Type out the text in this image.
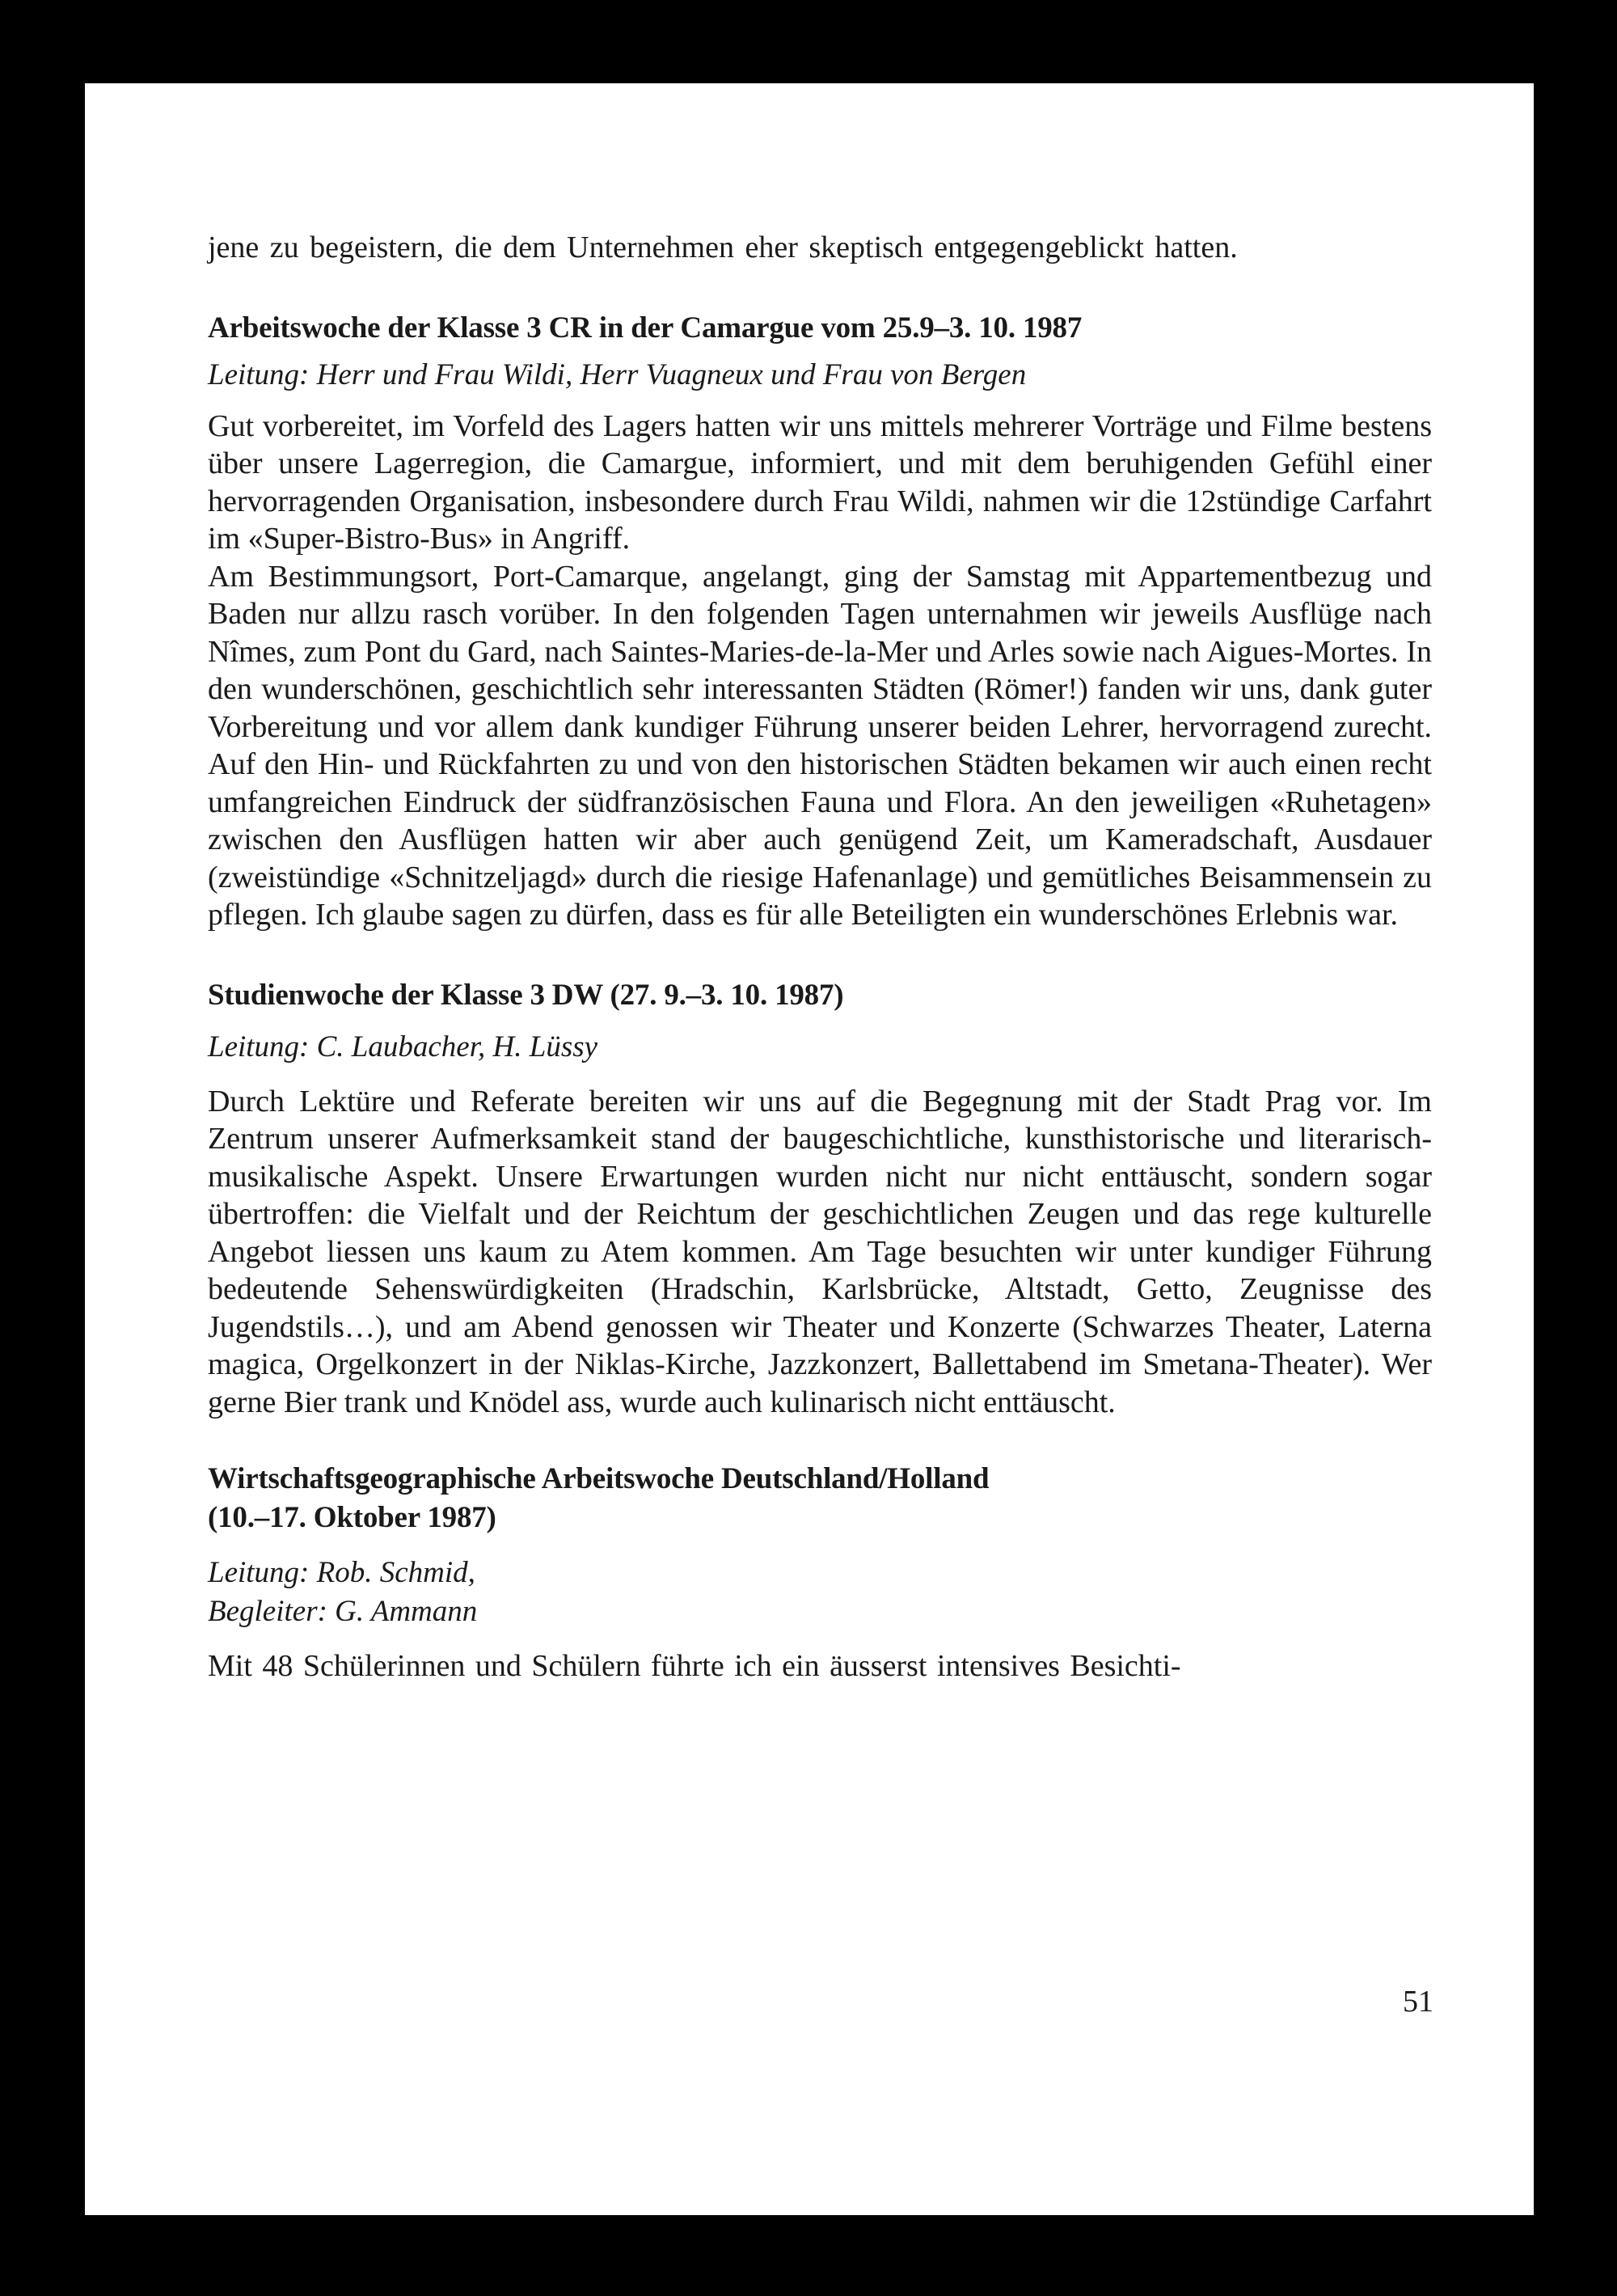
jene zu begeistern, die dem Unternehmen eher skeptisch entgegengeblickt hatten.

Arbeitswoche der Klasse 3 CR in der Camargue vom 25.9–3. 10. 1987

Leitung: Herr und Frau Wildi, Herr Vuagneux und Frau von Bergen

Gut vorbereitet, im Vorfeld des Lagers hatten wir uns mittels mehrerer Vorträge und Filme bestens über unsere Lagerregion, die Camargue, informiert, und mit dem beruhigenden Gefühl einer hervorragenden Organisation, insbesondere durch Frau Wildi, nahmen wir die 12stündige Carfahrt im «Super-Bistro-Bus» in Angriff.

Am Bestimmungsort, Port-Camarque, angelangt, ging der Samstag mit Appartementbezug und Baden nur allzu rasch vorüber. In den folgenden Tagen unternahmen wir jeweils Ausflüge nach Nîmes, zum Pont du Gard, nach Saintes-Maries-de-la-Mer und Arles sowie nach Aigues-Mortes. In den wunderschönen, geschichtlich sehr interessanten Städten (Römer!) fanden wir uns, dank guter Vorbereitung und vor allem dank kundiger Führung unserer beiden Lehrer, hervorragend zurecht. Auf den Hin- und Rückfahrten zu und von den historischen Städten bekamen wir auch einen recht umfangreichen Eindruck der südfranzösischen Fauna und Flora. An den jeweiligen «Ruhetagen» zwischen den Ausflügen hatten wir aber auch genügend Zeit, um Kameradschaft, Ausdauer (zweistündige «Schnitzeljagd» durch die riesige Hafenanlage) und gemütliches Beisammensein zu pflegen. Ich glaube sagen zu dürfen, dass es für alle Beteiligten ein wunderschönes Erlebnis war.

Studienwoche der Klasse 3 DW (27. 9.–3. 10. 1987)

Leitung: C. Laubacher, H. Lüssy

Durch Lektüre und Referate bereiten wir uns auf die Begegnung mit der Stadt Prag vor. Im Zentrum unserer Aufmerksamkeit stand der baugeschichtliche, kunsthistorische und literarisch-musikalische Aspekt. Unsere Erwartungen wurden nicht nur nicht enttäuscht, sondern sogar übertroffen: die Vielfalt und der Reichtum der geschichtlichen Zeugen und das rege kulturelle Angebot liessen uns kaum zu Atem kommen. Am Tage besuchten wir unter kundiger Führung bedeutende Sehenswürdigkeiten (Hradschin, Karlsbrücke, Altstadt, Getto, Zeugnisse des Jugendstils…), und am Abend genossen wir Theater und Konzerte (Schwarzes Theater, Laterna magica, Orgelkonzert in der Niklas-Kirche, Jazzkonzert, Ballettabend im Smetana-Theater). Wer gerne Bier trank und Knödel ass, wurde auch kulinarisch nicht enttäuscht.

Wirtschaftsgeographische Arbeitswoche Deutschland/Holland

(10.–17. Oktober 1987)

Leitung: Rob. Schmid,

Begleiter: G. Ammann

Mit 48 Schülerinnen und Schülern führte ich ein äusserst intensives Besichti-

51
